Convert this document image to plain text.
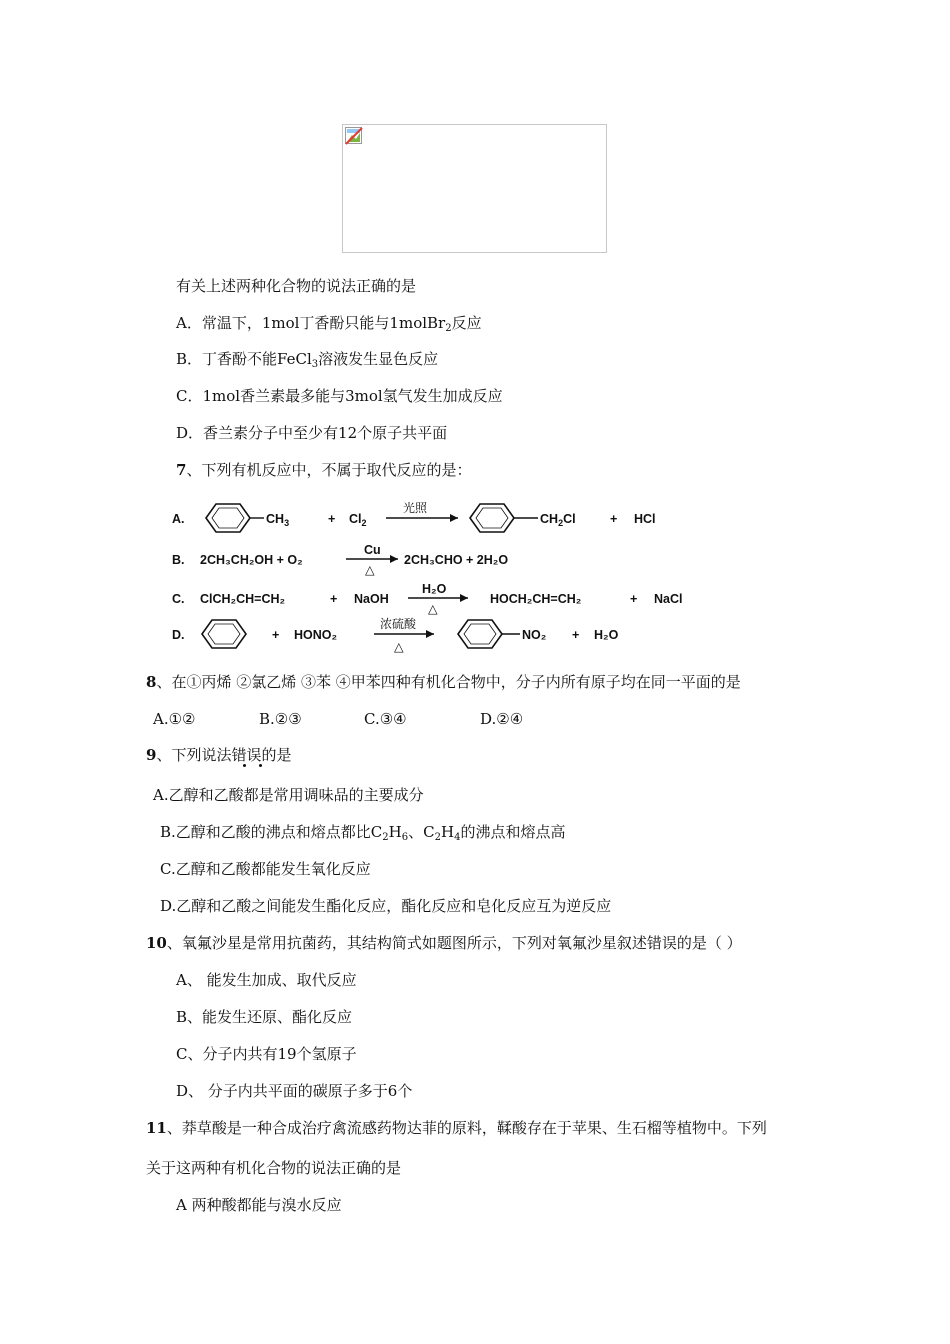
有关上述两种化合物的说法正确的是
A．常温下，1mol丁香酚只能与1molBr$_2$反应
B．丁香酚不能FeCl$_3$溶液发生显色反应
C．1mol香兰素最多能与3mol氢气发生加成反应
D．香兰素分子中至少有12个原子共平面
7、下列有机反应中，不属于取代反应的是：
A.	$CH_3$	+ $Cl_2$
光照
$CH_2Cl$	+ HCl
B. 2CH₃CH₂OH + O₂
Cu
△
2CH₃CHO + 2H₂O
C. ClCH₂CH=CH₂	+ NaOH
H₂O
△
HOCH₂CH=CH₂	+ NaCl
D.	+ HONO₂
浓硫酸
△
NO₂ + H₂O
8、在①丙烯 ②氯乙烯 ③苯 ④甲苯四种有机化合物中，分子内所有原子均在同一平面的是
A.①②	B.②③	C.③④	D.②④
9、下列说法错误的是
A.乙醇和乙酸都是常用调味品的主要成分
B.乙醇和乙酸的沸点和熔点都比$C_2H_6$、$C_2H_4$的沸点和熔点高
C.乙醇和乙酸都能发生氧化反应
D.乙醇和乙酸之间能发生酯化反应，酯化反应和皂化反应互为逆反应
10、氧氟沙星是常用抗菌药，其结构简式如题图所示，下列对氧氟沙星叙述错误的是（ ）
A、 能发生加成、取代反应
B、能发生还原、酯化反应
C、分子内共有19个氢原子
D、 分子内共平面的碳原子多于6个
11、莽草酸是一种合成治疗禽流感药物达菲的原料，鞣酸存在于苹果、生石榴等植物中。下列
关于这两种有机化合物的说法正确的是
A 两种酸都能与溴水反应
